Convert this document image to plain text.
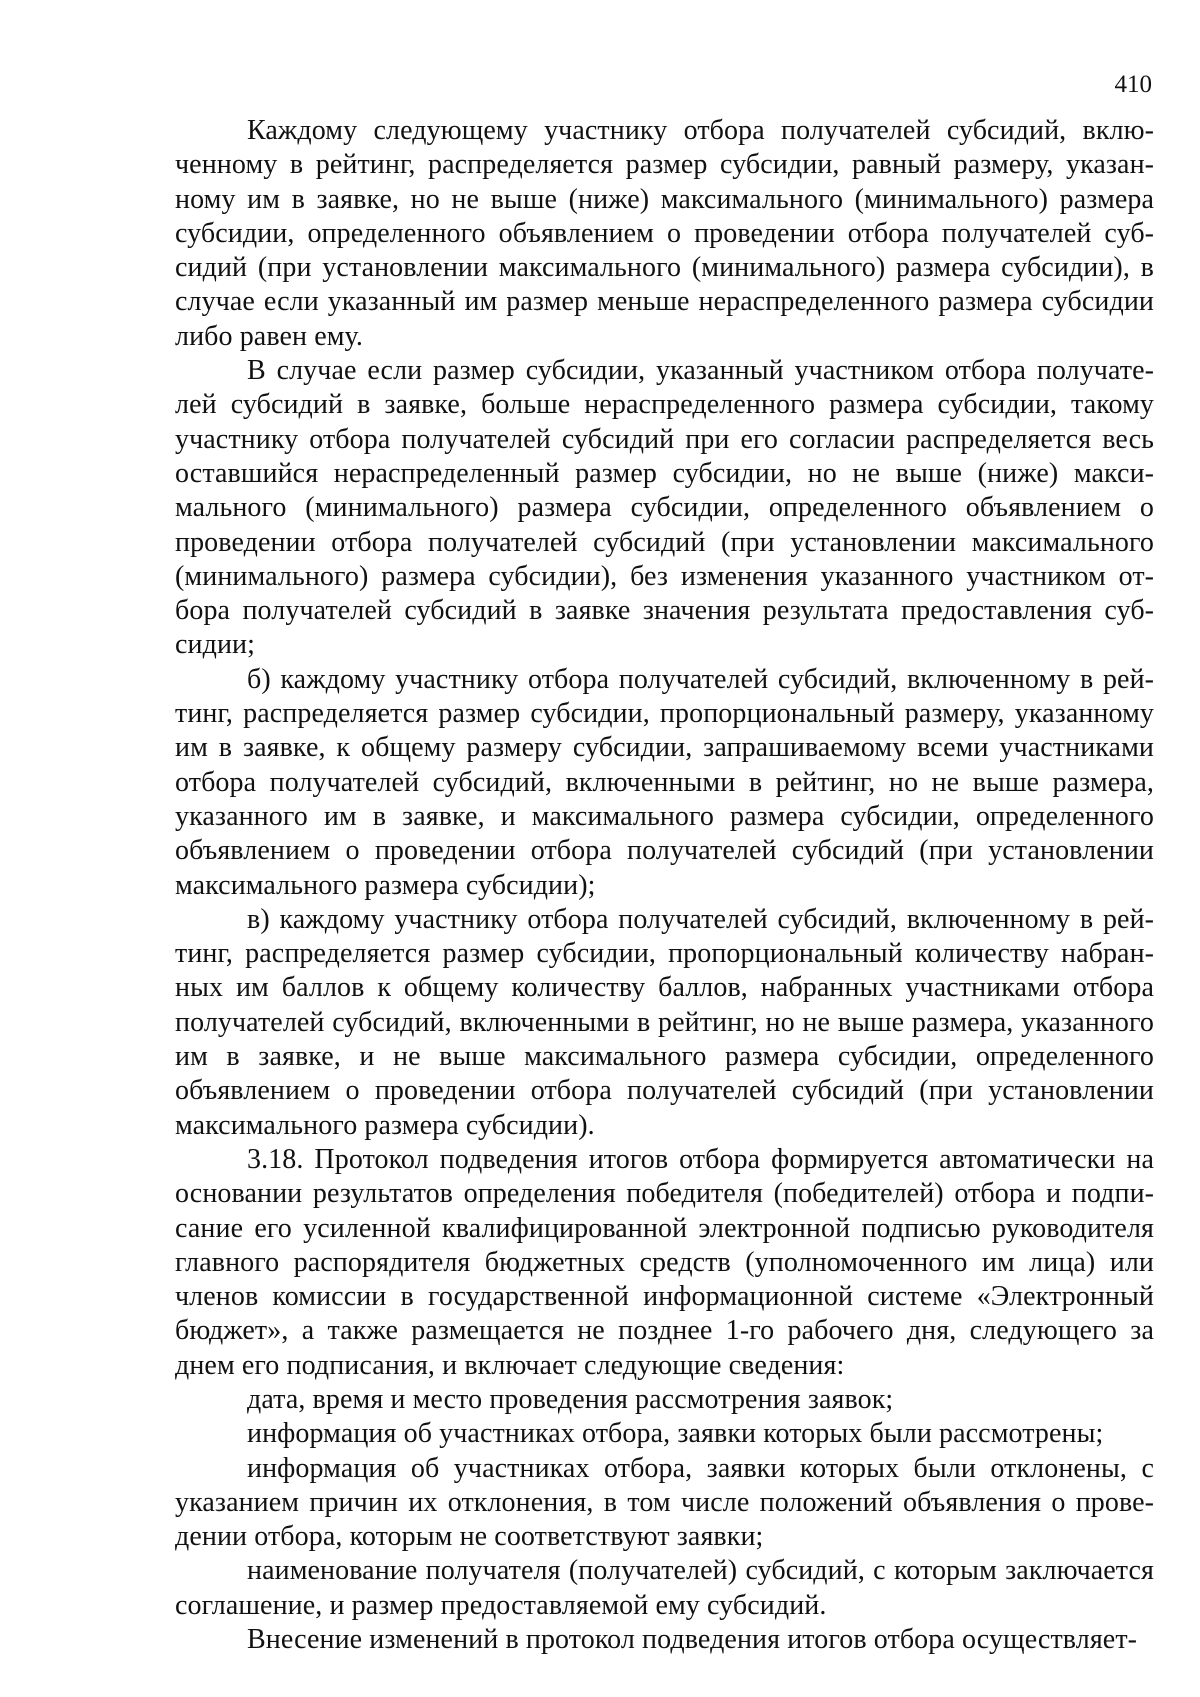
410

Каждому следующему участнику отбора получателей субсидий, включенному в рейтинг, распределяется размер субсидии, равный размеру, указанному им в заявке, но не выше (ниже) максимального (минимального) размера субсидии, определенного объявлением о проведении отбора получателей субсидий (при установлении максимального (минимального) размера субсидии), в случае если указанный им размер меньше нераспределенного размера субсидии либо равен ему.

В случае если размер субсидии, указанный участником отбора получателей субсидий в заявке, больше нераспределенного размера субсидии, такому участнику отбора получателей субсидий при его согласии распределяется весь оставшийся нераспределенный размер субсидии, но не выше (ниже) максимального (минимального) размера субсидии, определенного объявлением о проведении отбора получателей субсидий (при установлении максимального (минимального) размера субсидии), без изменения указанного участником отбора получателей субсидий в заявке значения результата предоставления субсидии;

б) каждому участнику отбора получателей субсидий, включенному в рейтинг, распределяется размер субсидии, пропорциональный размеру, указанному им в заявке, к общему размеру субсидии, запрашиваемому всеми участниками отбора получателей субсидий, включенными в рейтинг, но не выше размера, указанного им в заявке, и максимального размера субсидии, определенного объявлением о проведении отбора получателей субсидий (при установлении максимального размера субсидии);

в) каждому участнику отбора получателей субсидий, включенному в рейтинг, распределяется размер субсидии, пропорциональный количеству набранных им баллов к общему количеству баллов, набранных участниками отбора получателей субсидий, включенными в рейтинг, но не выше размера, указанного им в заявке, и не выше максимального размера субсидии, определенного объявлением о проведении отбора получателей субсидий (при установлении максимального размера субсидии).

3.18. Протокол подведения итогов отбора формируется автоматически на основании результатов определения победителя (победителей) отбора и подписание его усиленной квалифицированной электронной подписью руководителя главного распорядителя бюджетных средств (уполномоченного им лица) или членов комиссии в государственной информационной системе «Электронный бюджет», а также размещается не позднее 1-го рабочего дня, следующего за днем его подписания, и включает следующие сведения:

дата, время и место проведения рассмотрения заявок;

информация об участниках отбора, заявки которых были рассмотрены;

информация об участниках отбора, заявки которых были отклонены, с указанием причин их отклонения, в том числе положений объявления о проведении отбора, которым не соответствуют заявки;

наименование получателя (получателей) субсидий, с которым заключается соглашение, и размер предоставляемой ему субсидий.

Внесение изменений в протокол подведения итогов отбора осуществляет-
